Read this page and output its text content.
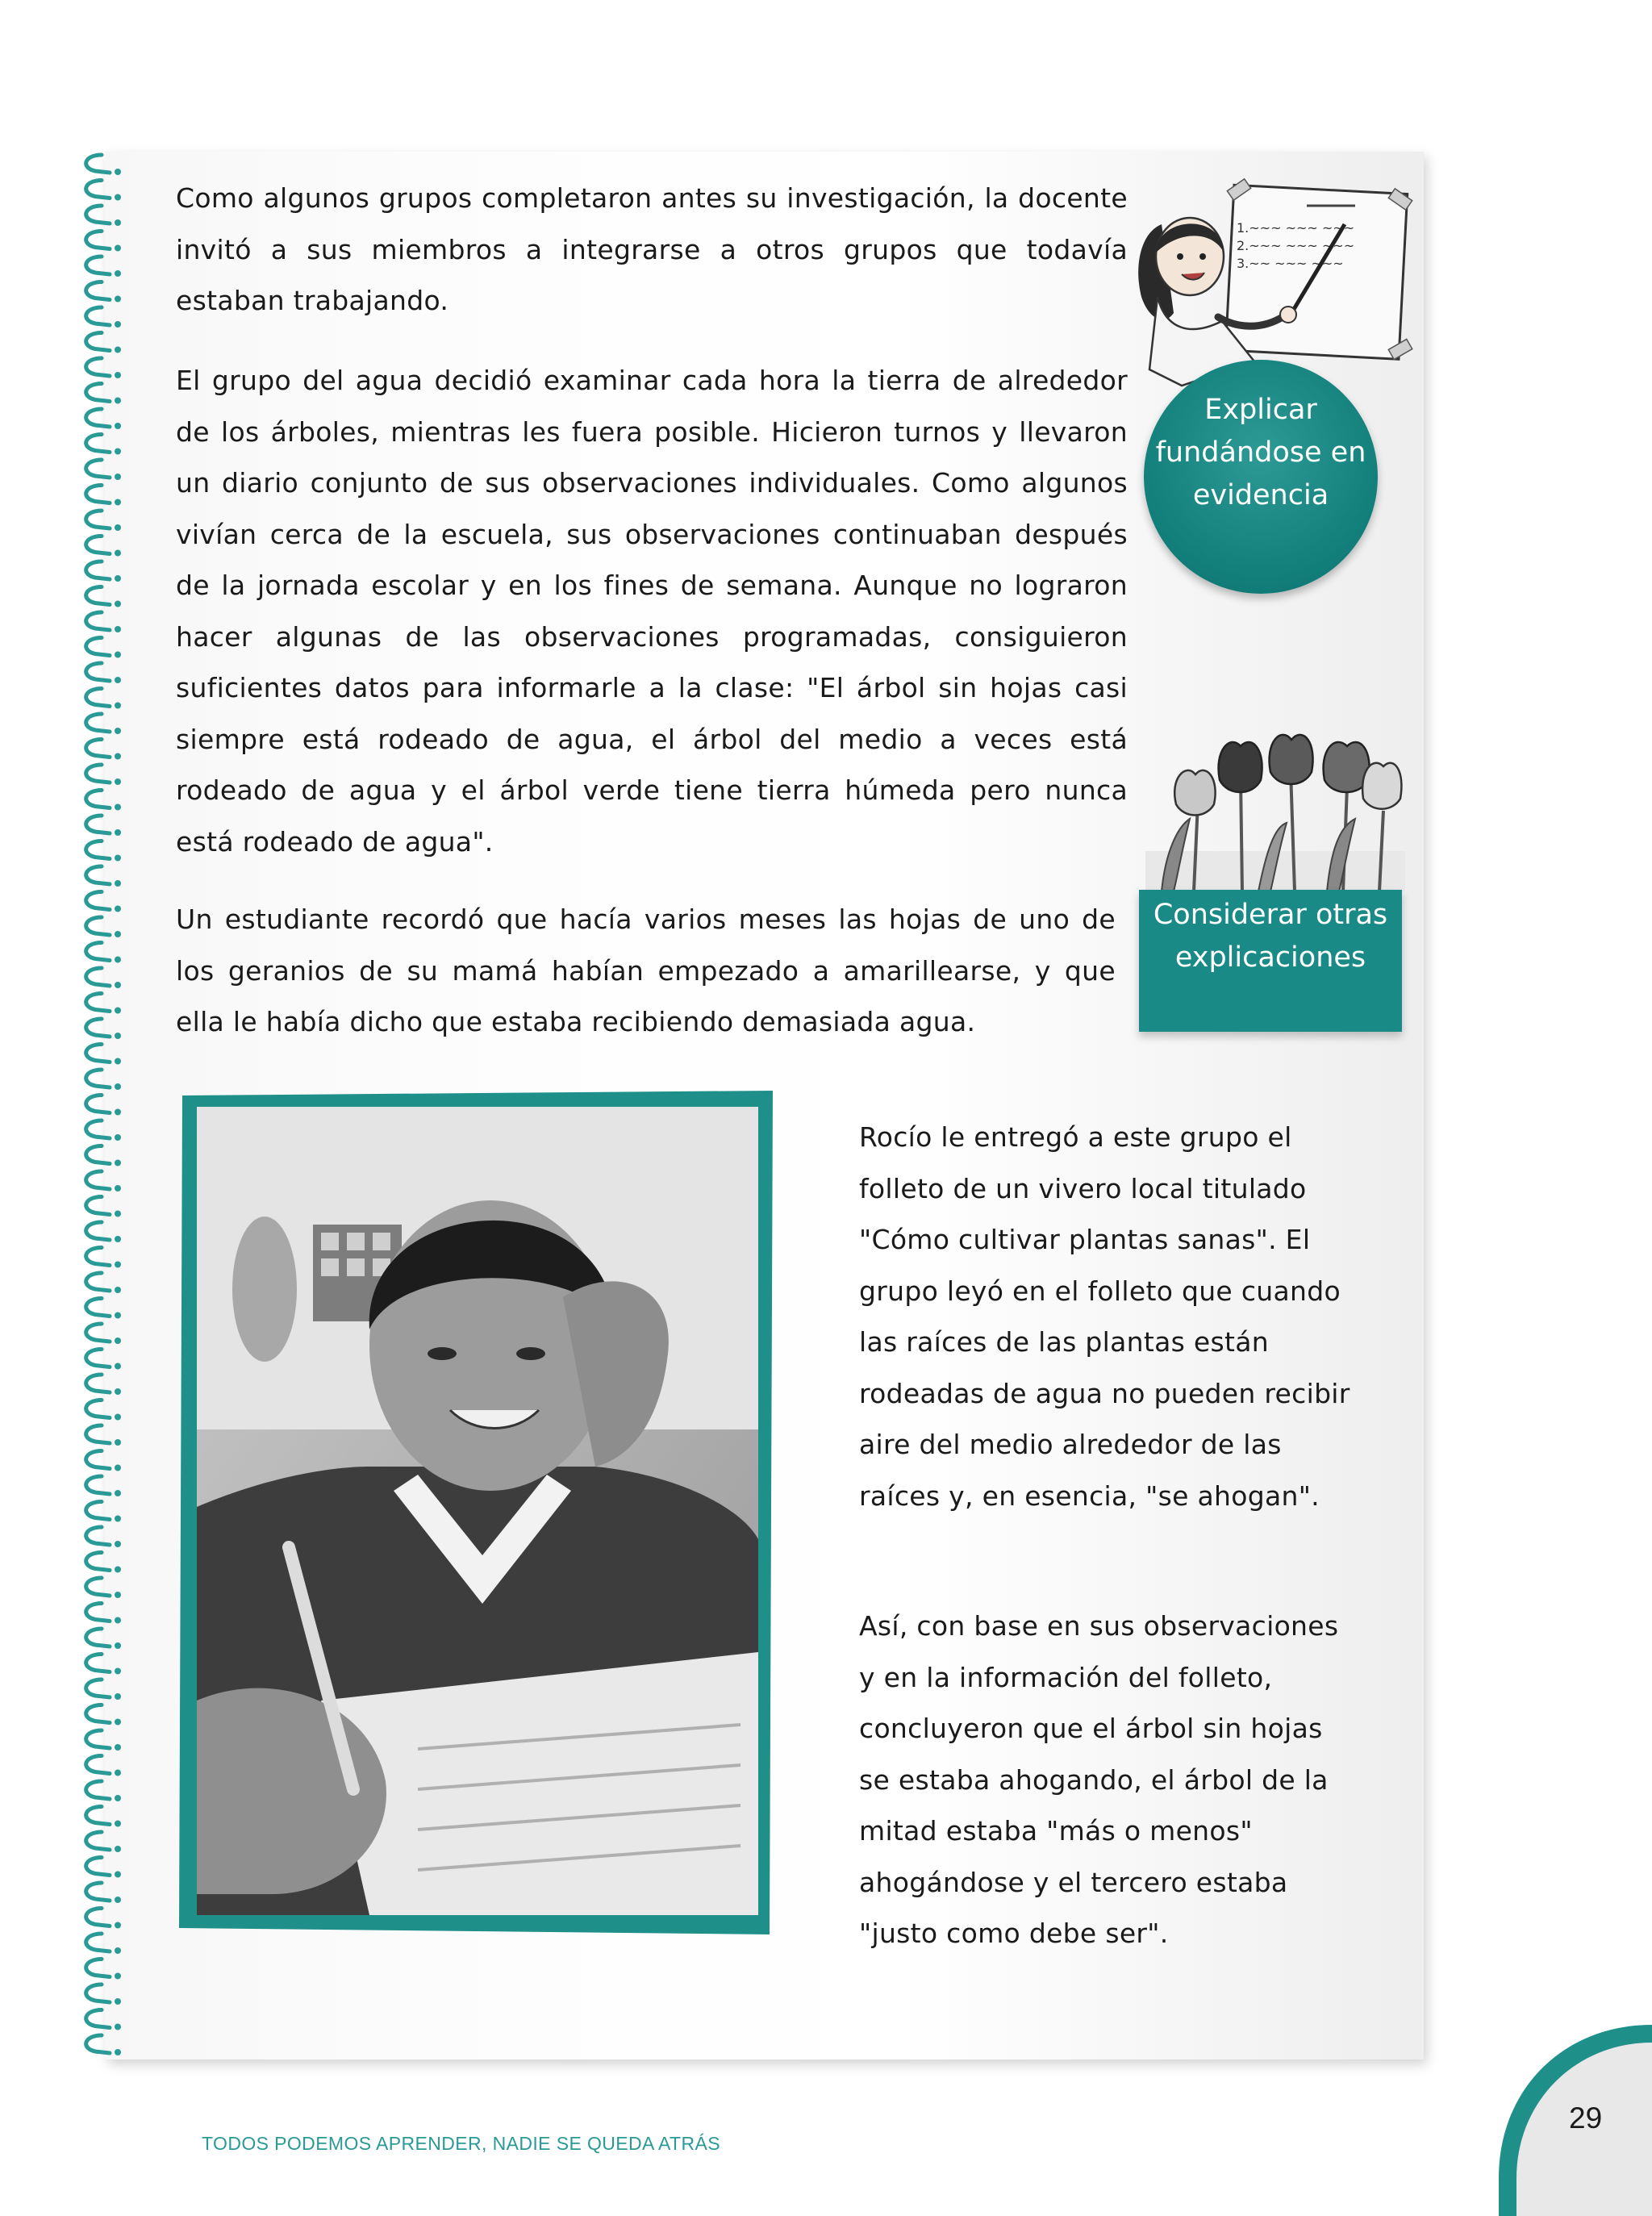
Como algunos grupos completaron antes su investigación, la docente invitó a sus miembros a integrarse a otros grupos que todavía estaban trabajando.

El grupo del agua decidió examinar cada hora la tierra de alrededor de los árboles, mientras les fuera posible. Hicieron turnos y llevaron un diario conjunto de sus observaciones individuales. Como algunos vivían cerca de la escuela, sus observaciones continuaban después de la jornada escolar y en los fines de semana. Aunque no lograron hacer algunas de las observaciones programadas, consiguieron suficientes datos para informarle a la clase: "El árbol sin hojas casi siempre está rodeado de agua, el árbol del medio a veces está rodeado de agua y el árbol verde tiene tierra húmeda pero nunca está rodeado de agua".

Un estudiante recordó que hacía varios meses las hojas de uno de los geranios de su mamá habían empezado a amarillearse, y que ella le había dicho que estaba recibiendo demasiada agua.

1.~~~ ~~~ ~~~
2.~~~ ~~~ ~~~
3.~~ ~~~ ~~~
Explicar fundándose en evidencia
Considerar otras explicaciones

Rocío le entregó a este grupo el folleto de un vivero local titulado "Cómo cultivar plantas sanas". El grupo leyó en el folleto que cuando las raíces de las plantas están rodeadas de agua no pueden recibir aire del medio alrededor de las raíces y, en esencia, "se ahogan".

Así, con base en sus observaciones y en la información del folleto, concluyeron que el árbol sin hojas se estaba ahogando, el árbol de la mitad estaba "más o menos" ahogándose y el tercero estaba "justo como debe ser".

TODOS PODEMOS APRENDER, NADIE SE QUEDA ATRÁS
29
